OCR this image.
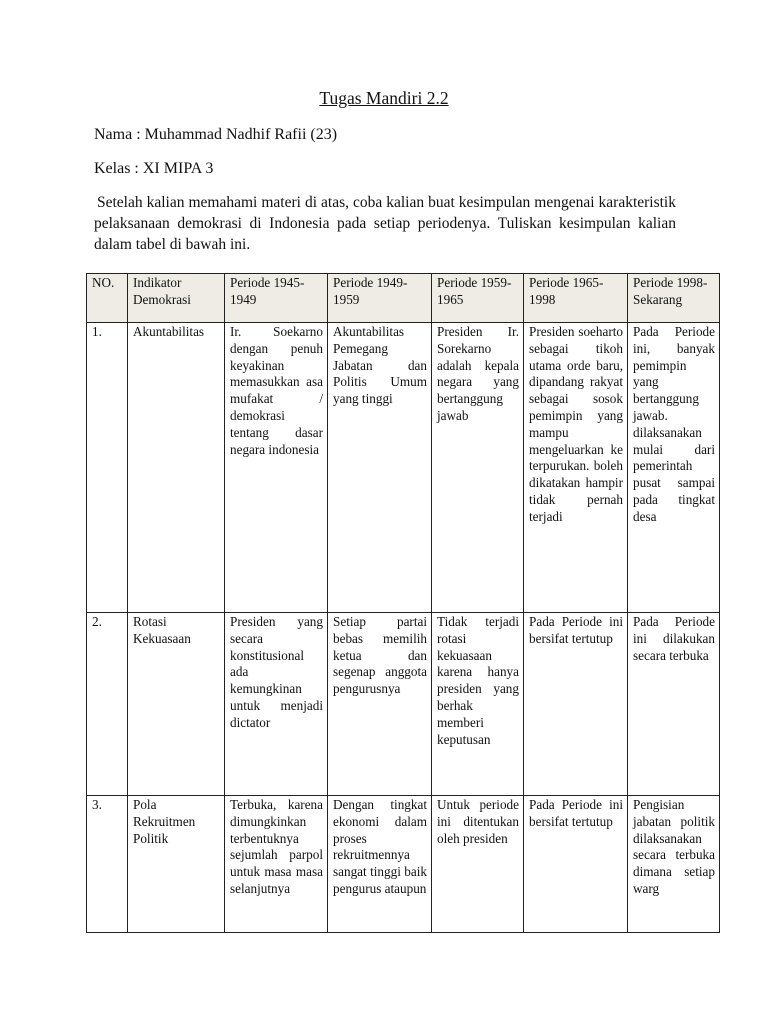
Tugas Mandiri 2.2
Nama : Muhammad Nadhif Rafii (23)
Kelas : XI MIPA 3
Setelah kalian memahami materi di atas, coba kalian buat kesimpulan mengenai karakteristik pelaksanaan demokrasi di Indonesia pada setiap periodenya. Tuliskan kesimpulan kalian dalam tabel di bawah ini.
NO.	Indikator Demokrasi	Periode 1945-1949	Periode 1949-1959	Periode 1959-1965	Periode 1965-1998	Periode 1998-Sekarang
1.	Akuntabilitas	Ir. Soekarno dengan penuh keyakinan memasukkan asa mufakat / demokrasi tentang dasar negara indonesia	Akuntabilitas Pemegang Jabatan dan Politis Umum yang tinggi	Presiden Ir. Sorekarno adalah kepala negara yang bertanggung jawab	Presiden soeharto sebagai tikoh utama orde baru, dipandang rakyat sebagai sosok pemimpin yang mampu mengeluarkan ke terpurukan. boleh dikatakan hampir tidak pernah terjadi	Pada Periode ini, banyak pemimpin yang bertanggung jawab. dilaksanakan mulai dari pemerintah pusat sampai pada tingkat desa
2.	Rotasi Kekuasaan	Presiden yang secara konstitusional ada kemungkinan untuk menjadi dictator	Setiap partai bebas memilih ketua dan segenap anggota pengurusnya	Tidak terjadi rotasi kekuasaan karena hanya presiden yang berhak memberi keputusan	Pada Periode ini bersifat tertutup	Pada Periode ini dilakukan secara terbuka
3.	Pola Rekruitmen Politik	Terbuka, karena dimungkinkan terbentuknya sejumlah parpol untuk masa masa selanjutnya	Dengan tingkat ekonomi dalam proses rekruitmennya sangat tinggi baik pengurus ataupun	Untuk periode ini ditentukan oleh presiden	Pada Periode ini bersifat tertutup	Pengisian jabatan politik dilaksanakan secara terbuka dimana setiap warg
